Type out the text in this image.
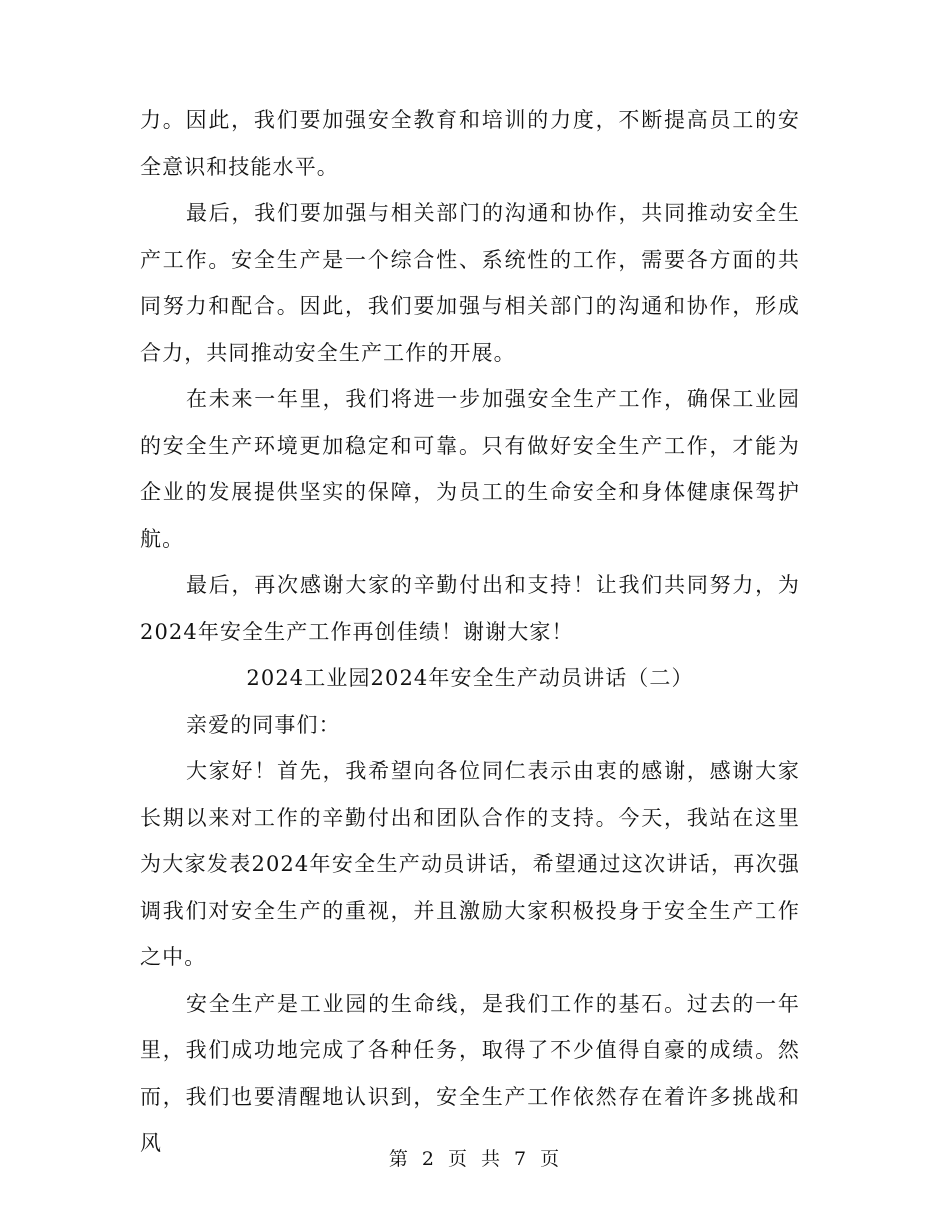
力。因此，我们要加强安全教育和培训的力度，不断提高员工的安全意识和技能水平。

最后，我们要加强与相关部门的沟通和协作，共同推动安全生产工作。安全生产是一个综合性、系统性的工作，需要各方面的共同努力和配合。因此，我们要加强与相关部门的沟通和协作，形成合力，共同推动安全生产工作的开展。

在未来一年里，我们将进一步加强安全生产工作，确保工业园的安全生产环境更加稳定和可靠。只有做好安全生产工作，才能为企业的发展提供坚实的保障，为员工的生命安全和身体健康保驾护航。

最后，再次感谢大家的辛勤付出和支持！让我们共同努力，为2024年安全生产工作再创佳绩！谢谢大家！

2024工业园2024年安全生产动员讲话（二）

亲爱的同事们：

大家好！首先，我希望向各位同仁表示由衷的感谢，感谢大家长期以来对工作的辛勤付出和团队合作的支持。今天，我站在这里为大家发表2024年安全生产动员讲话，希望通过这次讲话，再次强调我们对安全生产的重视，并且激励大家积极投身于安全生产工作之中。

安全生产是工业园的生命线，是我们工作的基石。过去的一年里，我们成功地完成了各种任务，取得了不少值得自豪的成绩。然而，我们也要清醒地认识到，安全生产工作依然存在着许多挑战和风

第 2 页 共 7 页
